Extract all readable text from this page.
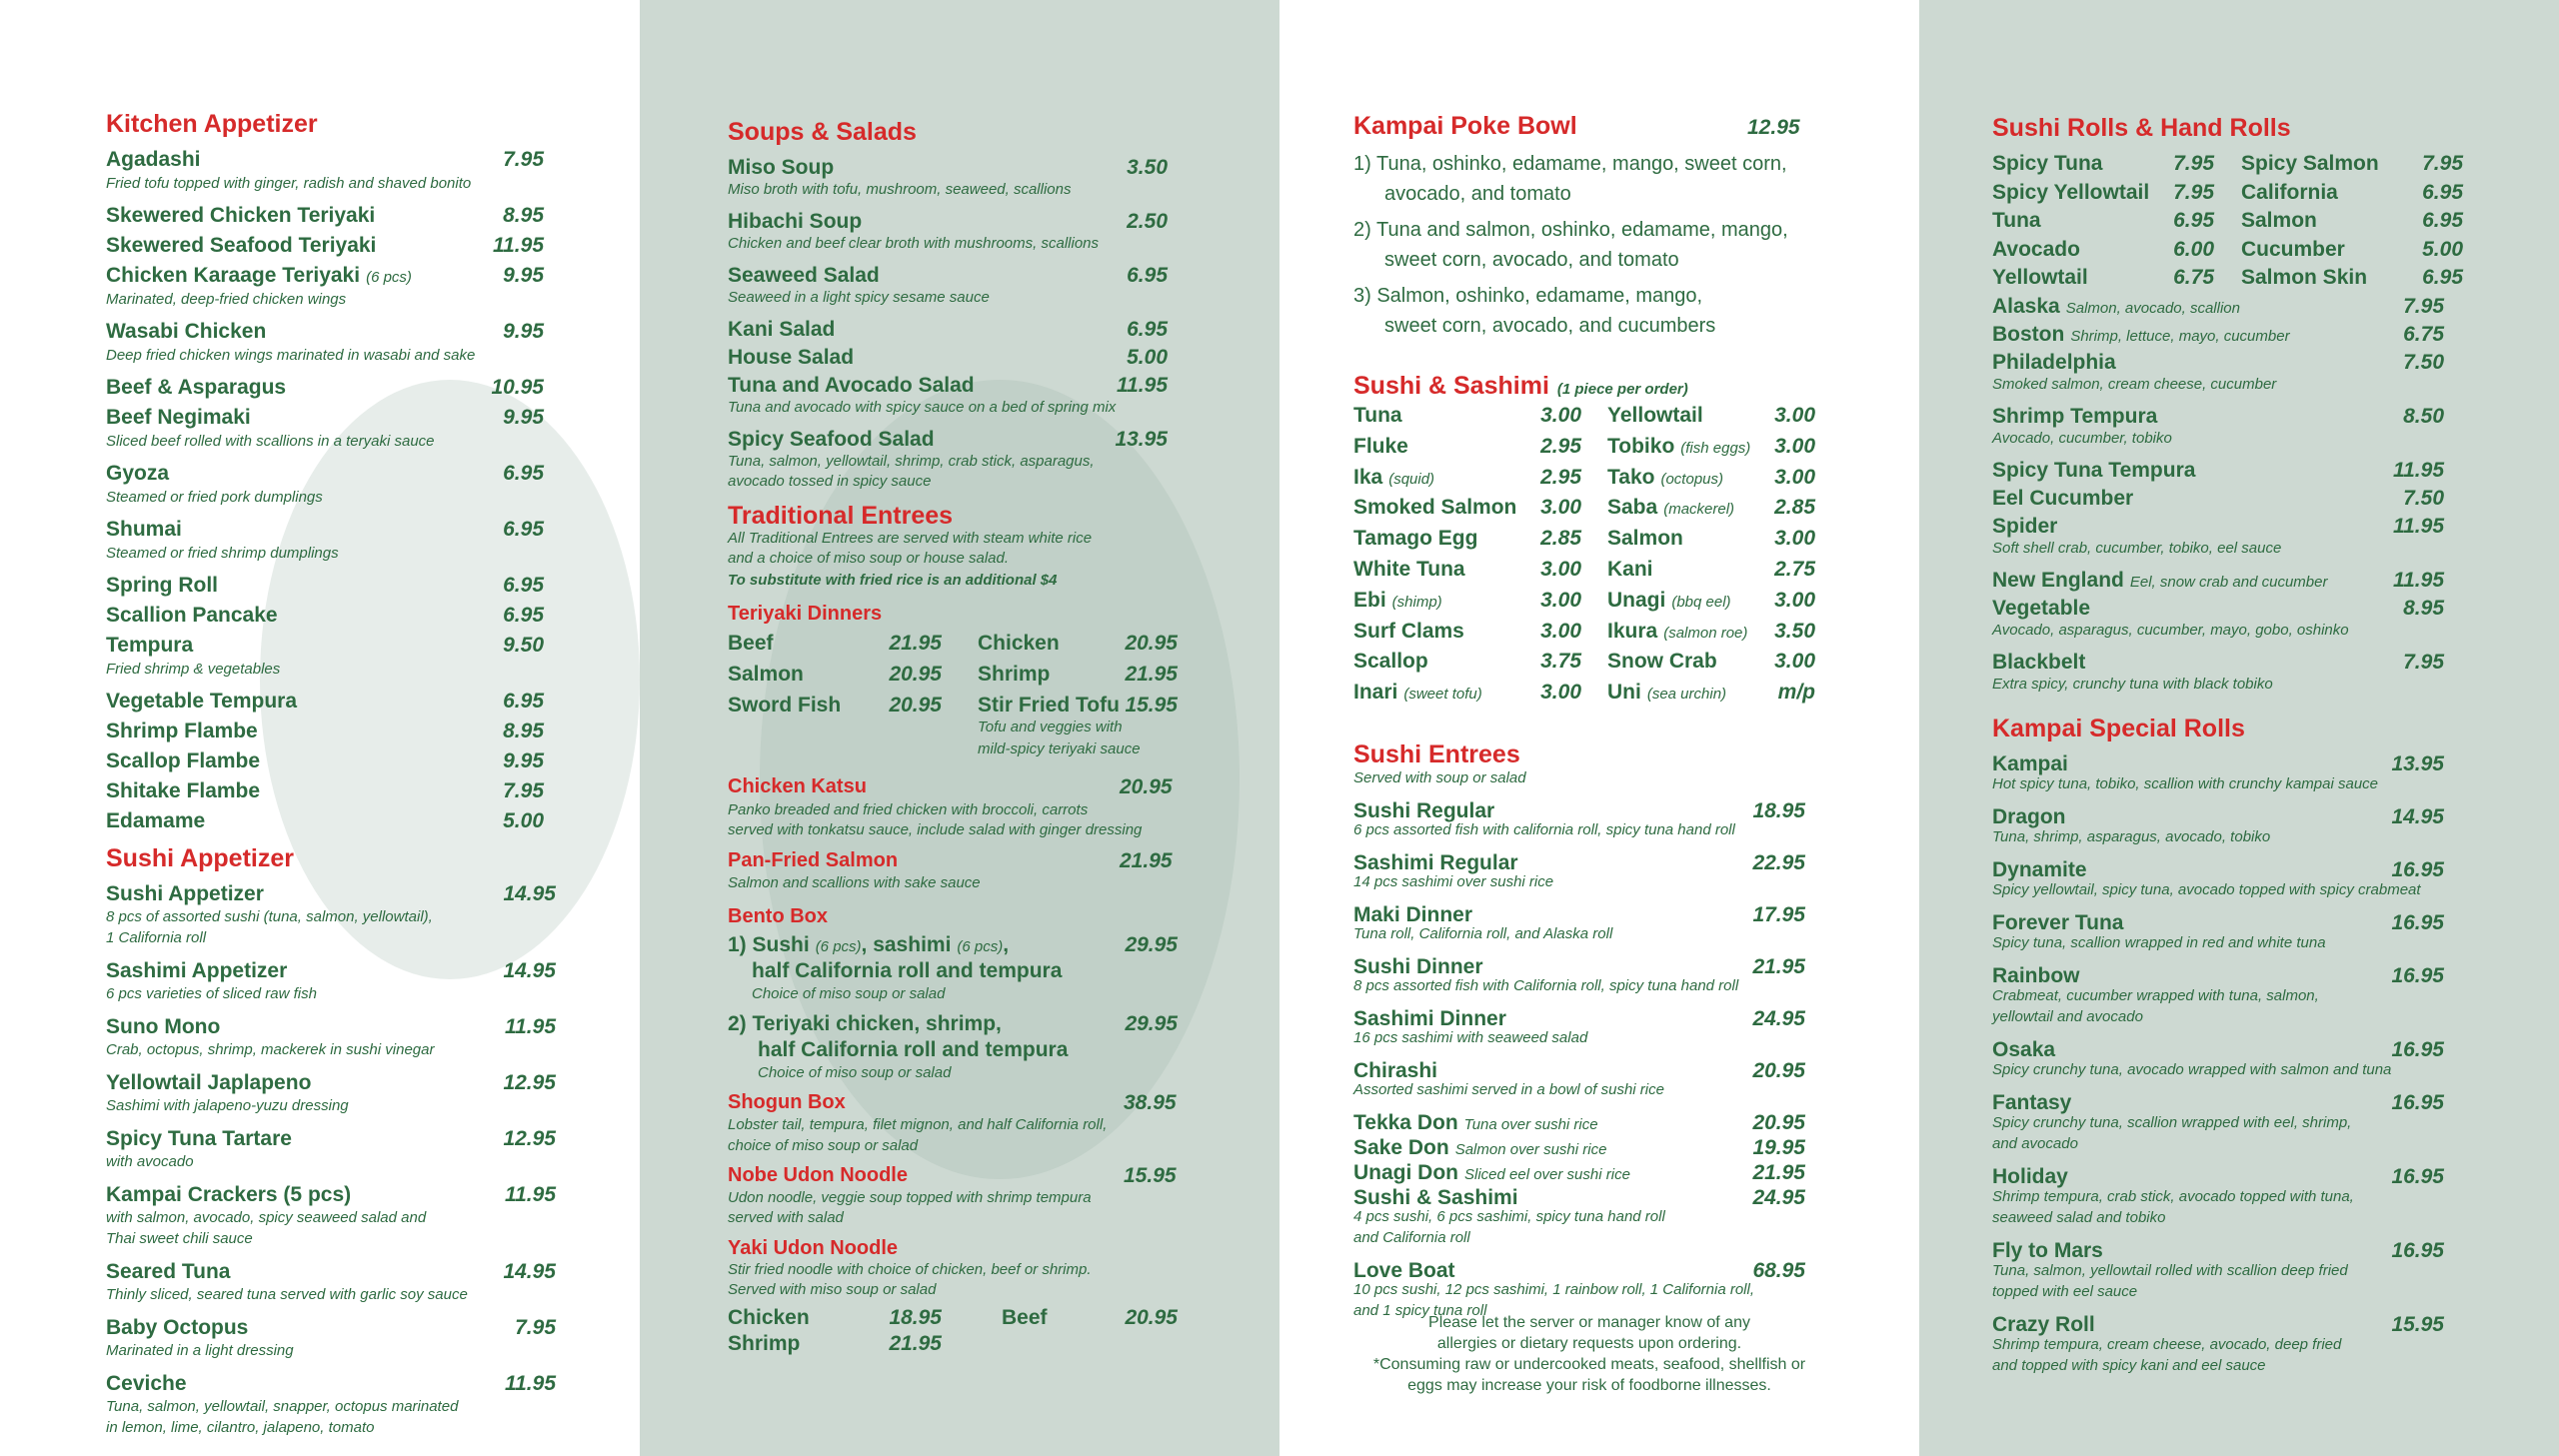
Kitchen Appetizer
Agadashi	7.95
Fried tofu topped with ginger, radish and shaved bonito
Skewered Chicken Teriyaki	8.95
Skewered Seafood Teriyaki	11.95
Chicken Karaage Teriyaki (6 pcs)	9.95
Marinated, deep-fried chicken wings
Wasabi Chicken	9.95
Deep fried chicken wings marinated in wasabi and sake
Beef & Asparagus	10.95
Beef Negimaki	9.95
Sliced beef rolled with scallions in a teryaki sauce
Gyoza	6.95
Steamed or fried pork dumplings
Shumai	6.95
Steamed or fried shrimp dumplings
Spring Roll	6.95
Scallion Pancake	6.95
Tempura	9.50
Fried shrimp & vegetables
Vegetable Tempura	6.95
Shrimp Flambe	8.95
Scallop Flambe	9.95
Shitake Flambe	7.95
Edamame	5.00
Sushi Appetizer
Sushi Appetizer	14.95
8 pcs of assorted sushi (tuna, salmon, yellowtail),
1 California roll
Sashimi Appetizer	14.95
6 pcs varieties of sliced raw fish
Suno Mono	11.95
Crab, octopus, shrimp, mackerek in sushi vinegar
Yellowtail Japlapeno	12.95
Sashimi with jalapeno-yuzu dressing
Spicy Tuna Tartare	12.95
with avocado
Kampai Crackers (5 pcs)	11.95
with salmon, avocado, spicy seaweed salad and
Thai sweet chili sauce
Seared Tuna	14.95
Thinly sliced, seared tuna served with garlic soy sauce
Baby Octopus	7.95
Marinated in a light dressing
Ceviche	11.95
Tuna, salmon, yellowtail, snapper, octopus marinated
in lemon, lime, cilantro, jalapeno, tomato
Soups & Salads
Miso Soup	3.50
Miso broth with tofu, mushroom, seaweed, scallions
Hibachi Soup	2.50
Chicken and beef clear broth with mushrooms, scallions
Seaweed Salad	6.95
Seaweed in a light spicy sesame sauce
Kani Salad	6.95
House Salad	5.00
Tuna and Avocado Salad	11.95
Tuna and avocado with spicy sauce on a bed of spring mix
Spicy Seafood Salad	13.95
Tuna, salmon, yellowtail, shrimp, crab stick, asparagus,
avocado tossed in spicy sauce
Traditional Entrees
All Traditional Entrees are served with steam white rice
and a choice of miso soup or house salad.
To substitute with fried rice is an additional $4
Teriyaki Dinners
Beef	21.95 Chicken	20.95
Salmon	20.95 Shrimp	21.95
Sword Fish 20.95 Stir Fried Tofu 15.95
Tofu and veggies with
mild-spicy teriyaki sauce
Chicken Katsu	20.95
Panko breaded and fried chicken with broccoli, carrots
served with tonkatsu sauce, include salad with ginger dressing
Pan-Fried Salmon	21.95
Salmon and scallions with sake sauce
Bento Box
1) Sushi (6 pcs), sashimi (6 pcs),	29.95
half California roll and tempura
Choice of miso soup or salad
2) Teriyaki chicken, shrimp,	29.95
half California roll and tempura
Choice of miso soup or salad
Shogun Box	38.95
Lobster tail, tempura, filet mignon, and half California roll,
choice of miso soup or salad
Nobe Udon Noodle	15.95
Udon noodle, veggie soup topped with shrimp tempura
served with salad
Yaki Udon Noodle
Stir fried noodle with choice of chicken, beef or shrimp.
Served with miso soup or salad
Chicken	18.95	Beef	20.95
Shrimp	21.95
Kampai Poke Bowl	12.95
1) Tuna, oshinko, edamame, mango, sweet corn,
avocado, and tomato
2) Tuna and salmon, oshinko, edamame, mango,
sweet corn, avocado, and tomato
3) Salmon, oshinko, edamame, mango,
sweet corn, avocado, and cucumbers
Sushi & Sashimi (1 piece per order)
Tuna	3.00
Fluke	2.95
Ika (squid)	2.95
Smoked Salmon 3.00
Tamago Egg	2.85
White Tuna	3.00
Ebi (shimp)	3.00
Surf Clams	3.00
Scallop	3.75
Inari (sweet tofu)	3.00
Yellowtail	3.00
Tobiko (fish eggs) 3.00
Tako (octopus) 3.00
Saba (mackerel) 2.85
Salmon	3.00
Kani	2.75
Unagi (bbq eel) 3.00
Ikura (salmon roe) 3.50
Snow Crab	3.00
Uni (sea urchin) m/p
Sushi Entrees
Served with soup or salad
Sushi Regular	18.95
6 pcs assorted fish with california roll, spicy tuna hand roll
Sashimi Regular	22.95
14 pcs sashimi over sushi rice
Maki Dinner	17.95
Tuna roll, California roll, and Alaska roll
Sushi Dinner	21.95
8 pcs assorted fish with California roll, spicy tuna hand roll
Sashimi Dinner	24.95
16 pcs sashimi with seaweed salad
Chirashi	20.95
Assorted sashimi served in a bowl of sushi rice
Tekka Don Tuna over sushi rice	20.95
Sake Don Salmon over sushi rice	19.95
Unagi Don Sliced eel over sushi rice	21.95
Sushi & Sashimi	24.95
4 pcs sushi, 6 pcs sashimi, spicy tuna hand roll
and California roll
Love Boat	68.95
10 pcs sushi, 12 pcs sashimi, 1 rainbow roll, 1 California roll,
and 1 spicy tuna roll
Please let the server or manager know of any
allergies or dietary requests upon ordering.
*Consuming raw or undercooked meats, seafood, shellfish or
eggs may increase your risk of foodborne illnesses.
Sushi Rolls & Hand Rolls
Spicy Tuna	7.95
Spicy Yellowtail 7.95
Tuna	6.95
Avocado	6.00
Yellowtail	6.75
Spicy Salmon 7.95
California	6.95
Salmon	6.95
Cucumber	5.00
Salmon Skin	6.95
Alaska Salmon, avocado, scallion	7.95
Boston Shrimp, lettuce, mayo, cucumber	6.75
Philadelphia	7.50
Smoked salmon, cream cheese, cucumber
Shrimp Tempura	8.50
Avocado, cucumber, tobiko
Spicy Tuna Tempura	11.95
Eel Cucumber	7.50
Spider	11.95
Soft shell crab, cucumber, tobiko, eel sauce
New England Eel, snow crab and cucumber	11.95
Vegetable	8.95
Avocado, asparagus, cucumber, mayo, gobo, oshinko
Blackbelt	7.95
Extra spicy, crunchy tuna with black tobiko
Kampai Special Rolls
Kampai	13.95
Hot spicy tuna, tobiko, scallion with crunchy kampai sauce
Dragon	14.95
Tuna, shrimp, asparagus, avocado, tobiko
Dynamite	16.95
Spicy yellowtail, spicy tuna, avocado topped with spicy crabmeat
Forever Tuna	16.95
Spicy tuna, scallion wrapped in red and white tuna
Rainbow	16.95
Crabmeat, cucumber wrapped with tuna, salmon,
yellowtail and avocado
Osaka	16.95
Spicy crunchy tuna, avocado wrapped with salmon and tuna
Fantasy	16.95
Spicy crunchy tuna, scallion wrapped with eel, shrimp,
and avocado
Holiday	16.95
Shrimp tempura, crab stick, avocado topped with tuna,
seaweed salad and tobiko
Fly to Mars	16.95
Tuna, salmon, yellowtail rolled with scallion deep fried
topped with eel sauce
Crazy Roll	15.95
Shrimp tempura, cream cheese, avocado, deep fried
and topped with spicy kani and eel sauce
